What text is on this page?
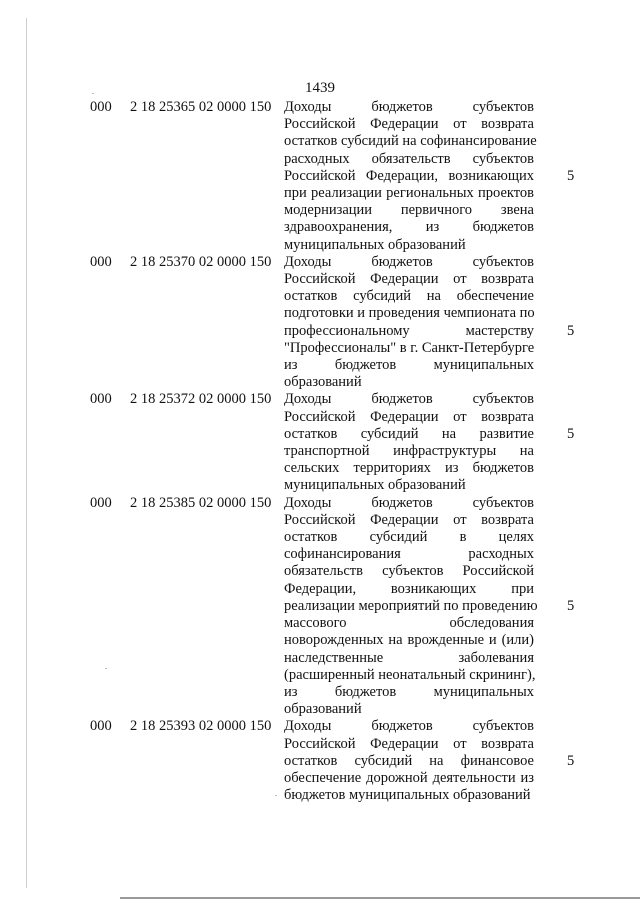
1439
000 2 18 25365 02 0000 150 Доходы бюджетов субъектов
Российской Федерации от возврата
остатков субсидий на софинансирование
расходных обязательств субъектов
Российской Федерации, возникающих
при реализации региональных проектов
модернизации первичного звена
здравоохранения, из бюджетов
муниципальных образований
5
000 2 18 25370 02 0000 150 Доходы бюджетов субъектов
Российской Федерации от возврата
остатков субсидий на обеспечение
подготовки и проведения чемпионата по
профессиональному мастерству
"Профессионалы" в г. Санкт-Петербурге
из бюджетов муниципальных
образований
5
000 2 18 25372 02 0000 150 Доходы бюджетов субъектов
Российской Федерации от возврата
остатков субсидий на развитие
транспортной инфраструктуры на
сельских территориях из бюджетов
муниципальных образований
5
000 2 18 25385 02 0000 150 Доходы бюджетов субъектов
Российской Федерации от возврата
остатков субсидий в целях
софинансирования расходных
обязательств субъектов Российской
Федерации, возникающих при
реализации мероприятий по проведению
массового обследования
новорожденных на врожденные и (или)
наследственные заболевания
(расширенный неонатальный скрининг),
из бюджетов муниципальных
образований
5
000 2 18 25393 02 0000 150 Доходы бюджетов субъектов
Российской Федерации от возврата
остатков субсидий на финансовое
обеспечение дорожной деятельности из
бюджетов муниципальных образований
5
